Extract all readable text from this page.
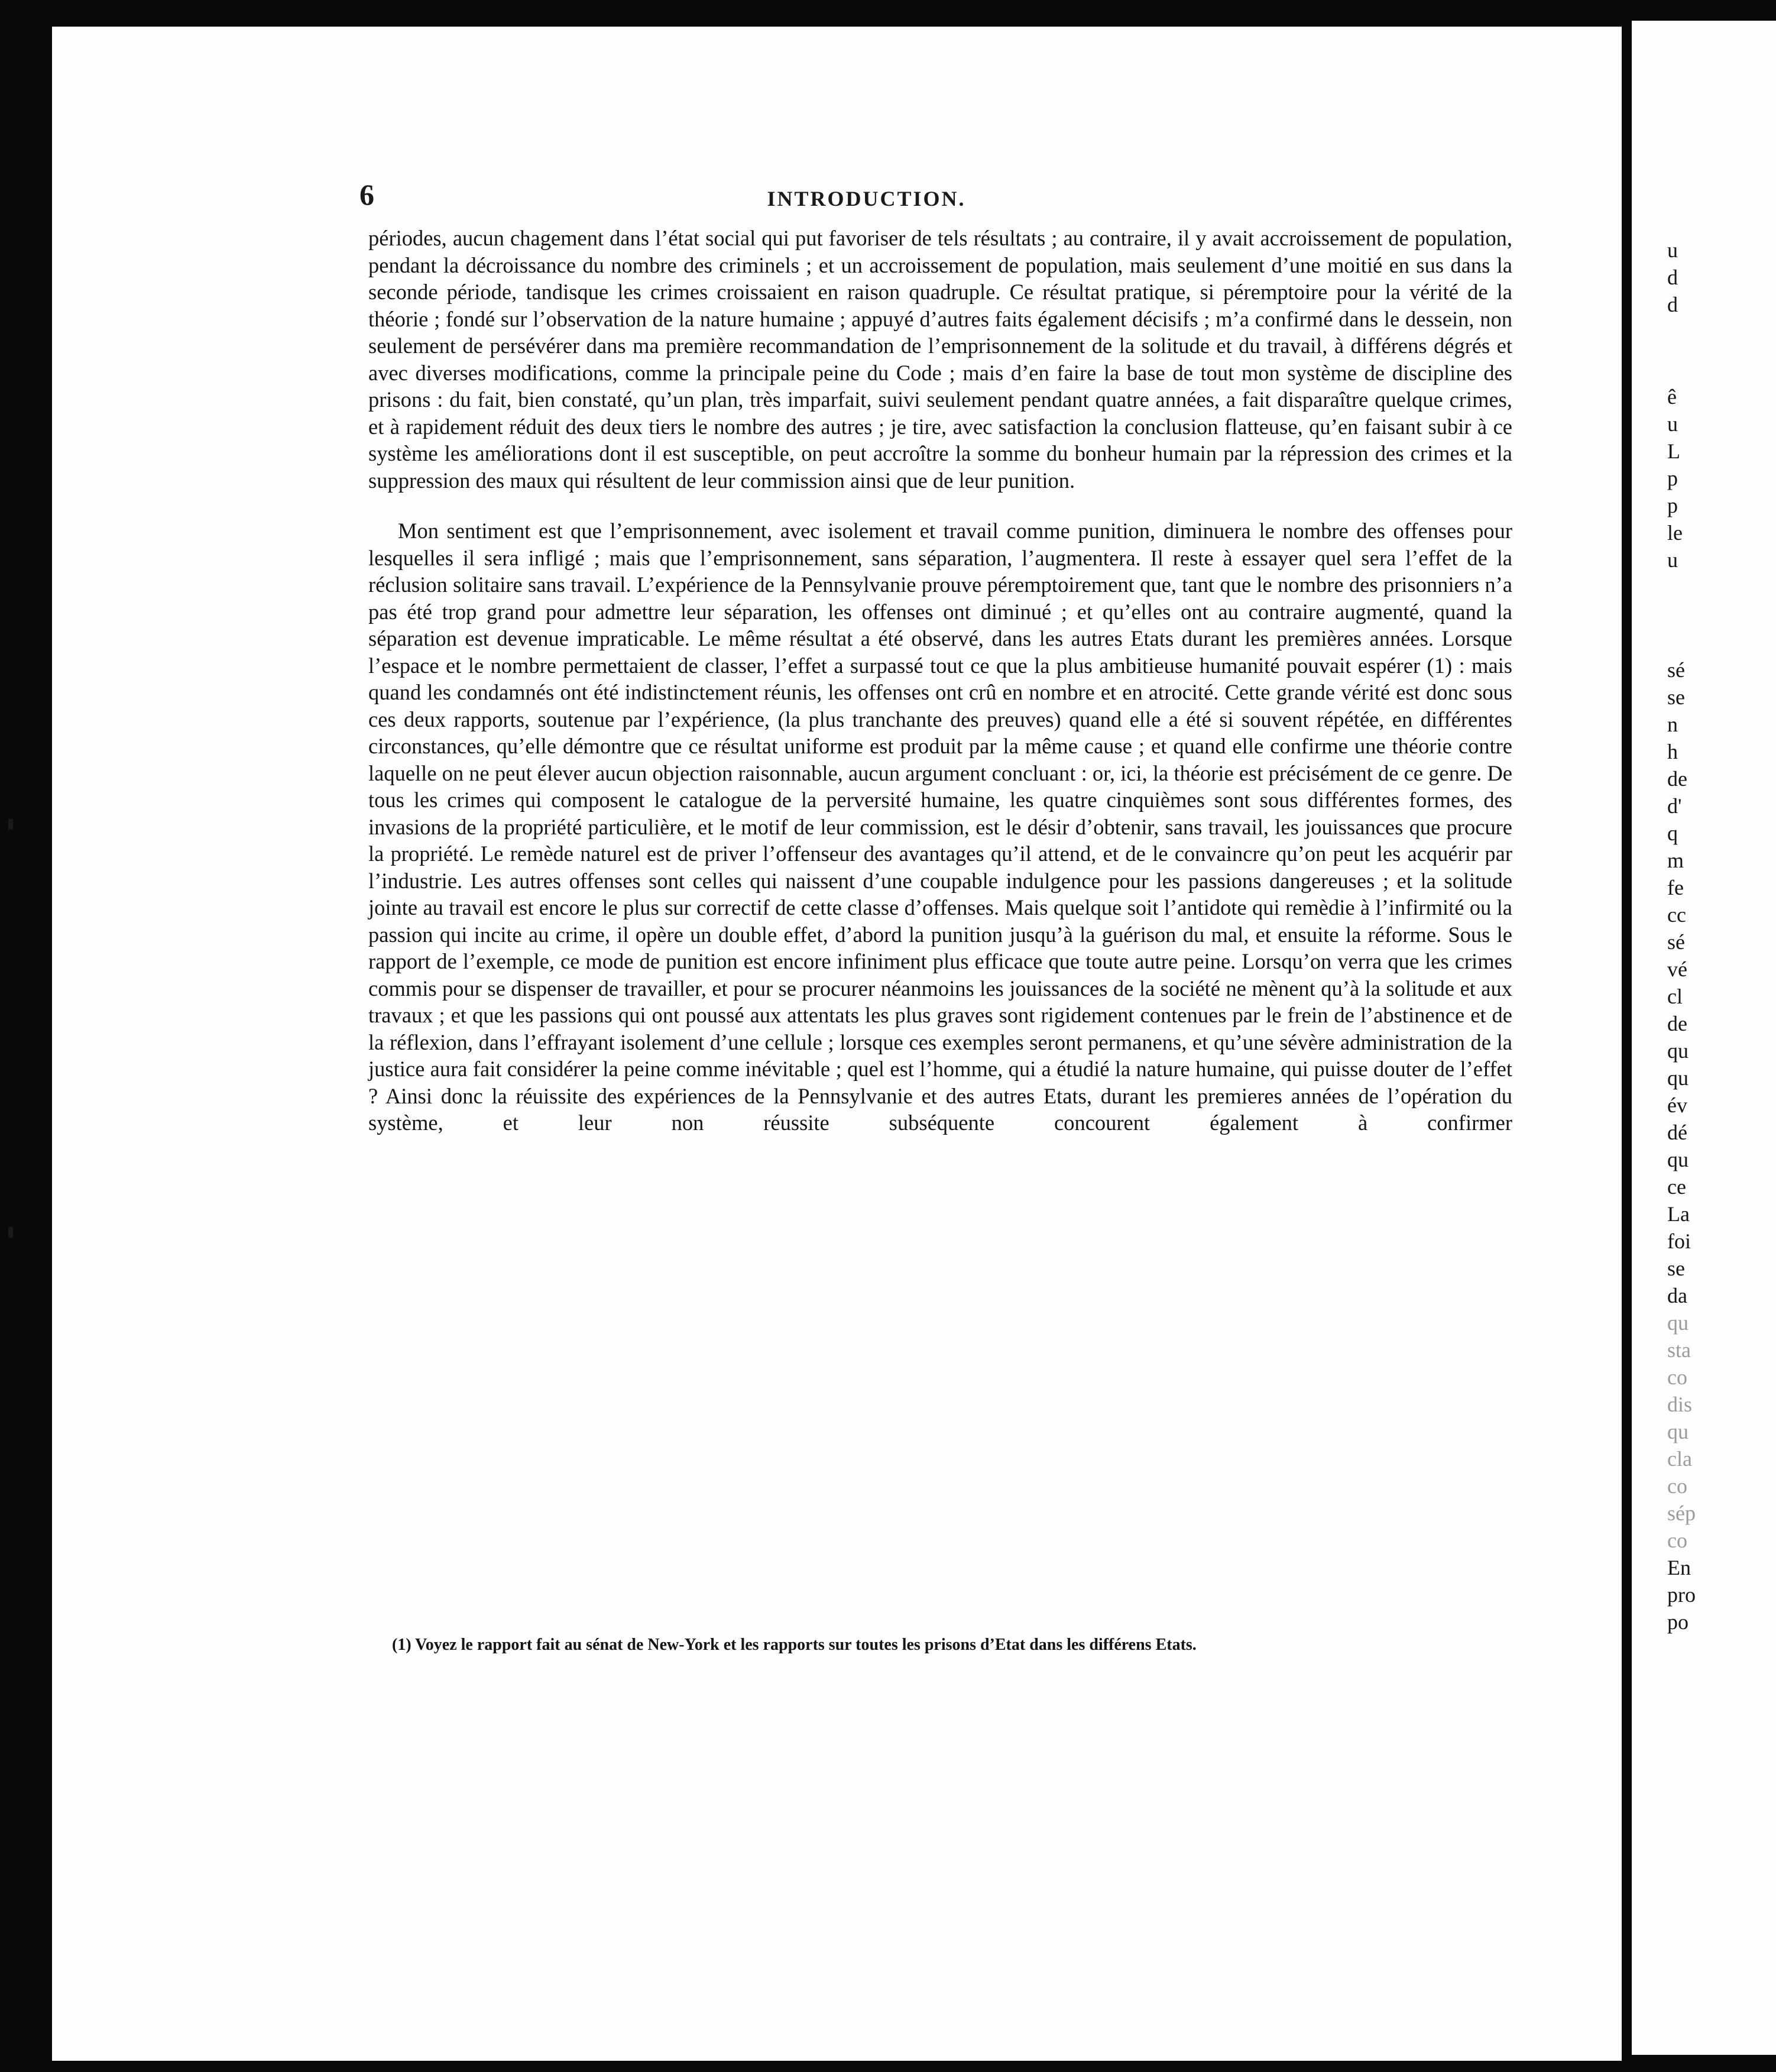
6	INTRODUCTION.

périodes, aucun chagement dans l’état social qui put favoriser de tels résultats ; au contraire, il y avait accroissement de population, pendant la décroissance du nombre des criminels ; et un accroissement de population, mais seulement d’une moitié en sus dans la seconde période, tandisque les crimes croissaient en raison quadruple. Ce résultat pratique, si péremptoire pour la vérité de la théorie ; fondé sur l’observation de la nature humaine ; appuyé d’autres faits également décisifs ; m’a confirmé dans le dessein, non seulement de persévérer dans ma première recommandation de l’emprisonnement de la solitude et du travail, à différens dégrés et avec diverses modifications, comme la principale peine du Code ; mais d’en faire la base de tout mon système de discipline des prisons : du fait, bien constaté, qu’un plan, très imparfait, suivi seulement pendant quatre années, a fait disparaître quelque crimes, et à rapidement réduit des deux tiers le nombre des autres ; je tire, avec satisfaction la conclusion flatteuse, qu’en faisant subir à ce système les améliorations dont il est susceptible, on peut accroître la somme du bonheur humain par la répression des crimes et la suppression des maux qui résultent de leur commission ainsi que de leur punition.

Mon sentiment est que l’emprisonnement, avec isolement et travail comme punition, diminuera le nombre des offenses pour lesquelles il sera infligé ; mais que l’emprisonnement, sans séparation, l’augmentera. Il reste à essayer quel sera l’effet de la réclusion solitaire sans travail. L’expérience de la Pennsylvanie prouve péremptoirement que, tant que le nombre des prisonniers n’a pas été trop grand pour admettre leur séparation, les offenses ont diminué ; et qu’elles ont au contraire augmenté, quand la séparation est devenue impraticable. Le même résultat a été observé, dans les autres Etats durant les premières années. Lorsque l’espace et le nombre permettaient de classer, l’effet a surpassé tout ce que la plus ambitieuse humanité pouvait espérer (1) : mais quand les condamnés ont été indistinctement réunis, les offenses ont crû en nombre et en atrocité. Cette grande vérité est donc sous ces deux rapports, soutenue par l’expérience, (la plus tranchante des preuves) quand elle a été si souvent répétée, en différentes circonstances, qu’elle démontre que ce résultat uniforme est produit par la même cause ; et quand elle confirme une théorie contre laquelle on ne peut élever aucun objection raisonnable, aucun argument concluant : or, ici, la théorie est précisément de ce genre. De tous les crimes qui composent le catalogue de la perversité humaine, les quatre cinquièmes sont sous différentes formes, des invasions de la propriété particulière, et le motif de leur commission, est le désir d’obtenir, sans travail, les jouissances que procure la propriété. Le remède naturel est de priver l’offenseur des avantages qu’il attend, et de le convaincre qu’on peut les acquérir par l’industrie. Les autres offenses sont celles qui naissent d’une coupable indulgence pour les passions dangereuses ; et la solitude jointe au travail est encore le plus sur correctif de cette classe d’offenses. Mais quelque soit l’antidote qui remèdie à l’infirmité ou la passion qui incite au crime, il opère un double effet, d’abord la punition jusqu’à la guérison du mal, et ensuite la réforme. Sous le rapport de l’exemple, ce mode de punition est encore infiniment plus efficace que toute autre peine. Lorsqu’on verra que les crimes commis pour se dispenser de travailler, et pour se procurer néanmoins les jouissances de la société ne mènent qu’à la solitude et aux travaux ; et que les passions qui ont poussé aux attentats les plus graves sont rigidement contenues par le frein de l’abstinence et de la réflexion, dans l’effrayant isolement d’une cellule ; lorsque ces exemples seront permanens, et qu’une sévère administration de la justice aura fait considérer la peine comme inévitable ; quel est l’homme, qui a étudié la nature humaine, qui puisse douter de l’effet ? Ainsi donc la réuissite des expériences de la Pennsylvanie et des autres Etats, durant les premieres années de l’opération du système, et leur non réussite subséquente concourent également à confirmer

(1) Voyez le rapport fait au sénat de New-York et les rapports sur toutes les prisons d’Etat dans les différens Etats.

u
d
d
ê
u
L
p
p
le
u
sé
se
n
h
de
d'
q
m
fe
cc
sé
vé
cl
de
qu
qu
év
dé
qu
ce
La
foi
se
da
qu
sta
co
dis
qu
cla
co
sép
co
En
pro
po
